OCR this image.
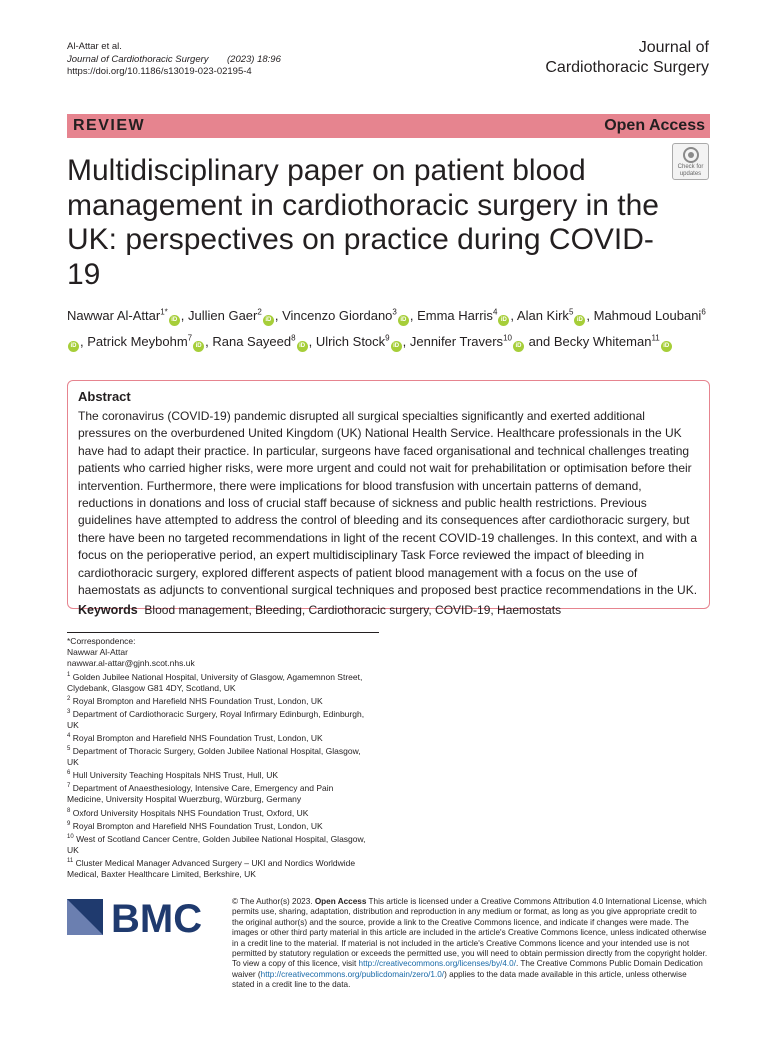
Al-Attar et al.
Journal of Cardiothoracic Surgery (2023) 18:96
https://doi.org/10.1186/s13019-023-02195-4
Journal of
Cardiothoracic Surgery
REVIEW	Open Access
Check for
updates
Multidisciplinary paper on patient blood management in cardiothoracic surgery in the UK: perspectives on practice during COVID-19
Nawwar Al-Attar$^{1*}$iD , Jullien Gaer$^2$iD , Vincenzo Giordano$^3$iD , Emma Harris$^4$iD , Alan Kirk$^5$iD , Mahmoud Loubani$^6$iD , Patrick Meybohm$^7$iD , Rana Sayeed$^8$iD , Ulrich Stock$^9$iD , Jennifer Travers$^{10}$iD and Becky Whiteman$^{11}$iD
Abstract

The coronavirus (COVID-19) pandemic disrupted all surgical specialties significantly and exerted additional pressures on the overburdened United Kingdom (UK) National Health Service. Healthcare professionals in the UK have had to adapt their practice. In particular, surgeons have faced organisational and technical challenges treating patients who carried higher risks, were more urgent and could not wait for prehabilitation or optimisation before their intervention. Furthermore, there were implications for blood transfusion with uncertain patterns of demand, reductions in donations and loss of crucial staff because of sickness and public health restrictions. Previous guidelines have attempted to address the control of bleeding and its consequences after cardiothoracic surgery, but there have been no targeted recommendations in light of the recent COVID-19 challenges. In this context, and with a focus on the perioperative period, an expert multidisciplinary Task Force reviewed the impact of bleeding in cardiothoracic surgery, explored different aspects of patient blood management with a focus on the use of haemostats as adjuncts to conventional surgical techniques and proposed best practice recommendations in the UK.

Keywords Blood management, Bleeding, Cardiothoracic surgery, COVID-19, Haemostats
*Correspondence:
Nawwar Al-Attar
nawwar.al-attar@gjnh.scot.nhs.uk
$^1$ Golden Jubilee National Hospital, University of Glasgow, Agamemnon Street, Clydebank, Glasgow G81 4DY, Scotland, UK
$^2$ Royal Brompton and Harefield NHS Foundation Trust, London, UK
$^3$ Department of Cardiothoracic Surgery, Royal Infirmary Edinburgh, Edinburgh, UK
$^4$ Royal Brompton and Harefield NHS Foundation Trust, London, UK
$^5$ Department of Thoracic Surgery, Golden Jubilee National Hospital, Glasgow, UK
$^6$ Hull University Teaching Hospitals NHS Trust, Hull, UK
$^7$ Department of Anaesthesiology, Intensive Care, Emergency and Pain Medicine, University Hospital Wuerzburg, Würzburg, Germany
$^8$ Oxford University Hospitals NHS Foundation Trust, Oxford, UK
$^9$ Royal Brompton and Harefield NHS Foundation Trust, London, UK
$^{10}$ West of Scotland Cancer Centre, Golden Jubilee National Hospital, Glasgow, UK
$^{11}$ Cluster Medical Manager Advanced Surgery – UKI and Nordics Worldwide Medical, Baxter Healthcare Limited, Berkshire, UK
BMC	© The Author(s) 2023. Open Access This article is licensed under a Creative Commons Attribution 4.0 International License, which permits use, sharing, adaptation, distribution and reproduction in any medium or format, as long as you give appropriate credit to the original author(s) and the source, provide a link to the Creative Commons licence, and indicate if changes were made. The images or other third party material in this article are included in the article's Creative Commons licence, unless indicated otherwise in a credit line to the material. If material is not included in the article's Creative Commons licence and your intended use is not permitted by statutory regulation or exceeds the permitted use, you will need to obtain permission directly from the copyright holder. To view a copy of this licence, visit http://creativecommons.org/licenses/by/4.0/. The Creative Commons Public Domain Dedication waiver (http://creativecommons.org/publicdomain/zero/1.0/) applies to the data made available in this article, unless otherwise stated in a credit line to the data.
